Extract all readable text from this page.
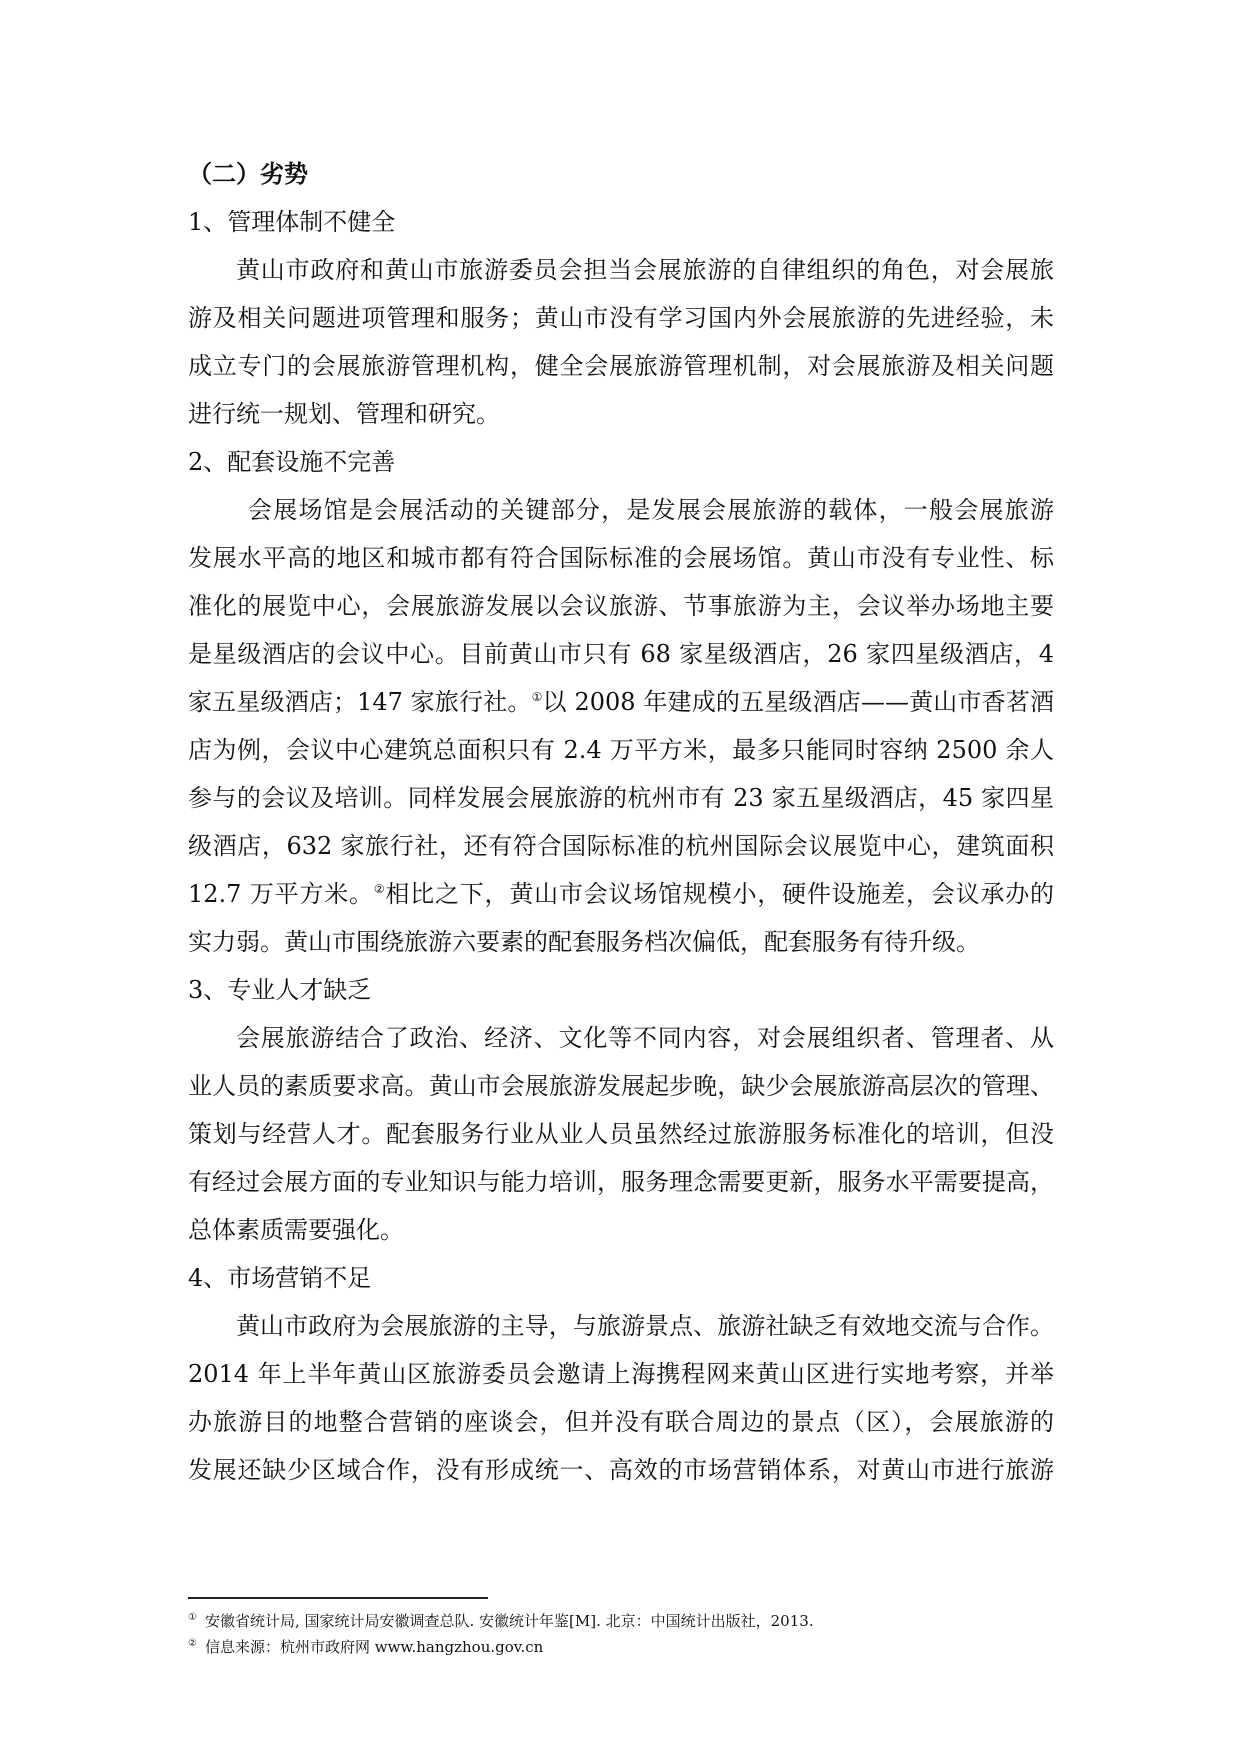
（二）劣势
1、管理体制不健全
黄山市政府和黄山市旅游委员会担当会展旅游的自律组织的角色，对会展旅
游及相关问题进项管理和服务；黄山市没有学习国内外会展旅游的先进经验，未
成立专门的会展旅游管理机构，健全会展旅游管理机制，对会展旅游及相关问题
进行统一规划、管理和研究。
2、配套设施不完善
会展场馆是会展活动的关键部分，是发展会展旅游的载体，一般会展旅游
发展水平高的地区和城市都有符合国际标准的会展场馆。黄山市没有专业性、标
准化的展览中心，会展旅游发展以会议旅游、节事旅游为主，会议举办场地主要
是星级酒店的会议中心。目前黄山市只有 68 家星级酒店，26 家四星级酒店，4
家五星级酒店；147 家旅行社。①以 2008 年建成的五星级酒店——黄山市香茗酒
店为例，会议中心建筑总面积只有 2.4 万平方米，最多只能同时容纳 2500 余人
参与的会议及培训。同样发展会展旅游的杭州市有 23 家五星级酒店，45 家四星
级酒店，632 家旅行社，还有符合国际标准的杭州国际会议展览中心，建筑面积
12.7 万平方米。②相比之下，黄山市会议场馆规模小，硬件设施差，会议承办的
实力弱。黄山市围绕旅游六要素的配套服务档次偏低，配套服务有待升级。
3、专业人才缺乏
会展旅游结合了政治、经济、文化等不同内容，对会展组织者、管理者、从
业人员的素质要求高。黄山市会展旅游发展起步晚，缺少会展旅游高层次的管理、
策划与经营人才。配套服务行业从业人员虽然经过旅游服务标准化的培训，但没
有经过会展方面的专业知识与能力培训，服务理念需要更新，服务水平需要提高，
总体素质需要强化。
4、市场营销不足
黄山市政府为会展旅游的主导，与旅游景点、旅游社缺乏有效地交流与合作。
2014 年上半年黄山区旅游委员会邀请上海携程网来黄山区进行实地考察，并举
办旅游目的地整合营销的座谈会，但并没有联合周边的景点（区），会展旅游的
发展还缺少区域合作，没有形成统一、高效的市场营销体系，对黄山市进行旅游
① 安徽省统计局, 国家统计局安徽调查总队. 安徽统计年鉴[M]. 北京：中国统计出版社，2013.
② 信息来源：杭州市政府网 www.hangzhou.gov.cn
